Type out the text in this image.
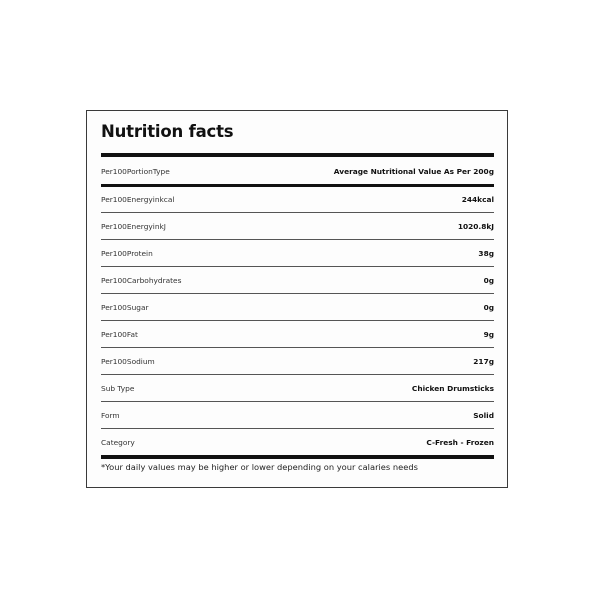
Nutrition facts
Per100PortionType	Average Nutritional Value As Per 200g
Per100Energyinkcal	244kcal
Per100EnergyinkJ	1020.8kJ
Per100Protein	38g
Per100Carbohydrates	0g
Per100Sugar	0g
Per100Fat	9g
Per100Sodium	217g
Sub Type	Chicken Drumsticks
Form	Solid
Category	C-Fresh - Frozen
*Your daily values may be higher or lower depending on your calaries needs
